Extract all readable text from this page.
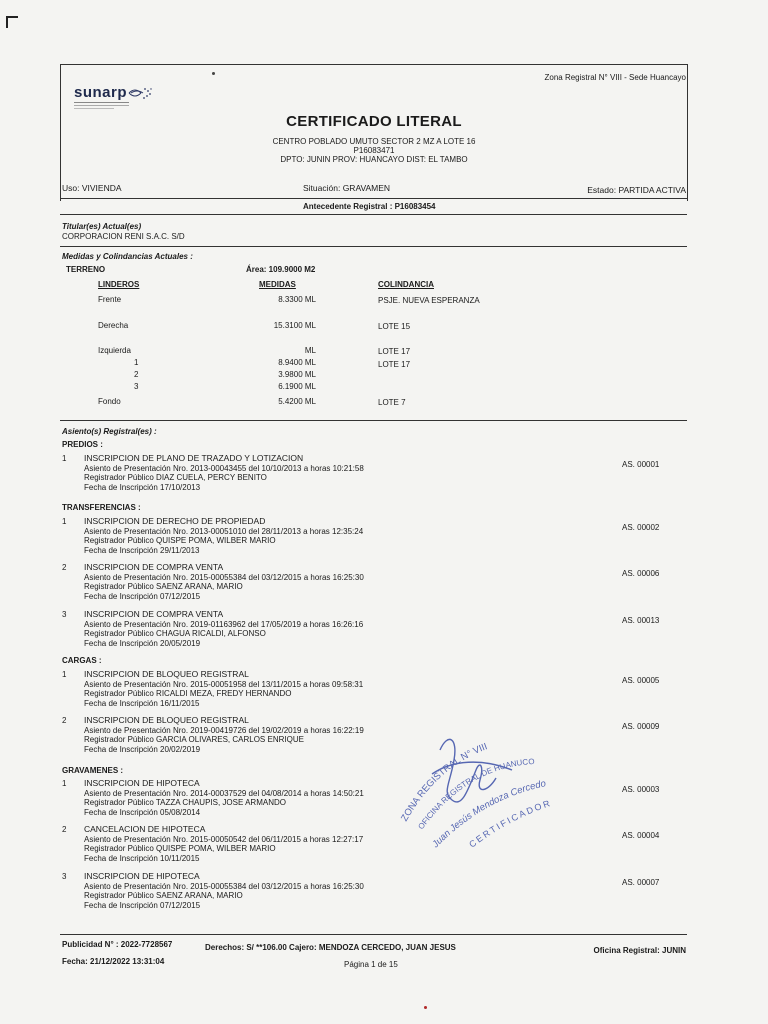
sunarp
Zona Registral N° VIII - Sede Huancayo
CERTIFICADO LITERAL
CENTRO POBLADO UMUTO SECTOR 2 MZ A LOTE 16
P16083471
DPTO: JUNIN PROV: HUANCAYO DIST: EL TAMBO
Uso: VIVIENDA	Situación: GRAVAMEN	Estado: PARTIDA ACTIVA
Antecedente Registral : P16083454
Titular(es) Actual(es)
CORPORACION RENI S.A.C. S/D
Medidas y Colindancias Actuales :
TERRENO	Área: 109.9000 M2
LINDEROS	MEDIDAS	COLINDANCIA
Frente	8.3300 ML	PSJE. NUEVA ESPERANZA
Derecha	15.3100 ML	LOTE 15
Izquierda	ML	LOTE 17
1	8.9400 ML	LOTE 17
2	3.9800 ML
3	6.1900 ML
Fondo	5.4200 ML	LOTE 7
Asiento(s) Registral(es) :
PREDIOS :
1 INSCRIPCION DE PLANO DE TRAZADO Y LOTIZACION
Asiento de Presentación Nro. 2013-00043455 del 10/10/2013 a horas 10:21:58
Registrador Público DIAZ CUELA, PERCY BENITO
Fecha de Inscripción 17/10/2013
AS. 00001
TRANSFERENCIAS :
1 INSCRIPCION DE DERECHO DE PROPIEDAD
Asiento de Presentación Nro. 2013-00051010 del 28/11/2013 a horas 12:35:24
Registrador Público QUISPE POMA, WILBER MARIO
Fecha de Inscripción 29/11/2013
AS. 00002
2 INSCRIPCION DE COMPRA VENTA
Asiento de Presentación Nro. 2015-00055384 del 03/12/2015 a horas 16:25:30
Registrador Público SAENZ ARANA, MARIO
Fecha de Inscripción 07/12/2015
AS. 00006
3 INSCRIPCION DE COMPRA VENTA
Asiento de Presentación Nro. 2019-01163962 del 17/05/2019 a horas 16:26:16
Registrador Público CHAGUA RICALDI, ALFONSO
Fecha de Inscripción 20/05/2019
AS. 00013
CARGAS :
1 INSCRIPCION DE BLOQUEO REGISTRAL
Asiento de Presentación Nro. 2015-00051958 del 13/11/2015 a horas 09:58:31
Registrador Público RICALDI MEZA, FREDY HERNANDO
Fecha de Inscripción 16/11/2015
AS. 00005
2 INSCRIPCION DE BLOQUEO REGISTRAL
Asiento de Presentación Nro. 2019-00419726 del 19/02/2019 a horas 16:22:19
Registrador Público GARCIA OLIVARES, CARLOS ENRIQUE
Fecha de Inscripción 20/02/2019
AS. 00009
GRAVAMENES :
1 INSCRIPCION DE HIPOTECA
Asiento de Presentación Nro. 2014-00037529 del 04/08/2014 a horas 14:50:21
Registrador Público TAZZA CHAUPIS, JOSE ARMANDO
Fecha de Inscripción 05/08/2014
AS. 00003
2 CANCELACION DE HIPOTECA
Asiento de Presentación Nro. 2015-00050542 del 06/11/2015 a horas 12:27:17
Registrador Público QUISPE POMA, WILBER MARIO
Fecha de Inscripción 10/11/2015
AS. 00004
3 INSCRIPCION DE HIPOTECA
Asiento de Presentación Nro. 2015-00055384 del 03/12/2015 a horas 16:25:30
Registrador Público SAENZ ARANA, MARIO
Fecha de Inscripción 07/12/2015
AS. 00007
ZONA REGISTRAL N° VIII
OFICINA REGISTRAL DE HUANUCO
Juan Jesús Mendoza Cercedo
CERTIFICADOR
Publicidad N° : 2022-7728567	Derechos: S/ **106.00 Cajero: MENDOZA CERCEDO, JUAN JESUS	Oficina Registral: JUNIN
Fecha: 21/12/2022 13:31:04	Página 1 de 15
